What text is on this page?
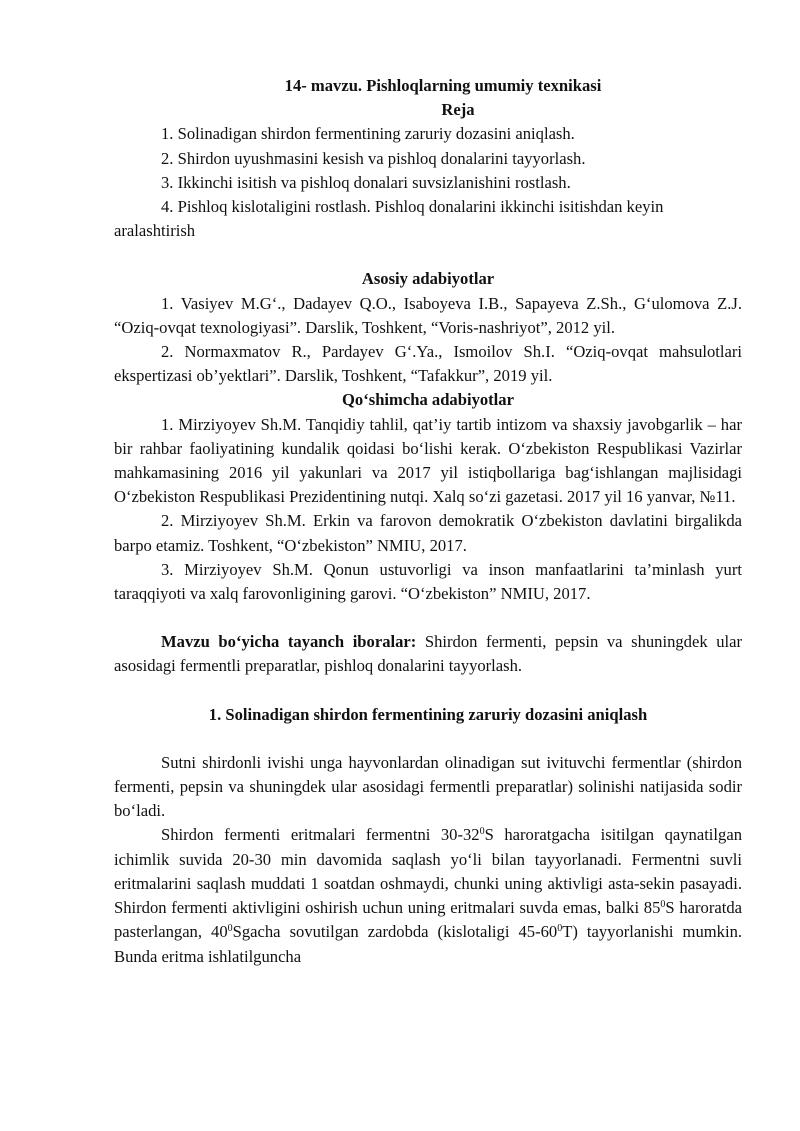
14- mavzu. Pishloqlarning umumiy texnikasi

Reja

1. Solinadigan shirdon fermentining zaruriy dozasini aniqlash.

2. Shirdon uyushmasini kesish va pishloq donalarini tayyorlash.

3. Ikkinchi isitish va pishloq donalari suvsizlanishini rostlash.

4. Pishloq kislotaligini rostlash. Pishloq donalarini ikkinchi isitishdan keyin aralashtirish

Asosiy adabiyotlar

1. Vasiyev M.G‘., Dadayev Q.O., Isaboyeva I.B., Sapayeva Z.Sh., G‘ulomova Z.J. “Oziq-ovqat texnologiyasi”. Darslik, Toshkent, “Voris-nashriyot”, 2012 yil.

2. Normaxmatov R., Pardayev G‘.Ya., Ismoilov Sh.I. “Oziq-ovqat mahsulotlari ekspertizasi ob’yektlari”. Darslik, Toshkent, “Tafakkur”, 2019 yil.

Qo‘shimcha adabiyotlar

1. Mirziyoyev Sh.M. Tanqidiy tahlil, qat’iy tartib intizom va shaxsiy javobgarlik – har bir rahbar faoliyatining kundalik qoidasi bo‘lishi kerak. O‘zbekiston Respublikasi Vazirlar mahkamasining 2016 yil yakunlari va 2017 yil istiqbollariga bag‘ishlangan majlisidagi O‘zbekiston Respublikasi Prezidentining nutqi. Xalq so‘zi gazetasi. 2017 yil 16 yanvar, №11.

2. Mirziyoyev Sh.M. Erkin va farovon demokratik O‘zbekiston davlatini birgalikda barpo etamiz. Toshkent, “O‘zbekiston” NMIU, 2017.

3. Mirziyoyev Sh.M. Qonun ustuvorligi va inson manfaatlarini ta’minlash yurt taraqqiyoti va xalq farovonligining garovi. “O‘zbekiston” NMIU, 2017.

Mavzu bo‘yicha tayanch iboralar: Shirdon fermenti, pepsin va shuningdek ular asosidagi fermentli preparatlar, pishloq donalarini tayyorlash.

1. Solinadigan shirdon fermentining zaruriy dozasini aniqlash

Sutni shirdonli ivishi unga hayvonlardan olinadigan sut ivituvchi fermentlar (shirdon fermenti, pepsin va shuningdek ular asosidagi fermentli preparatlar) solinishi natijasida sodir bo‘ladi.

Shirdon fermenti eritmalari fermentni $30-32^0S$ haroratgacha isitilgan qaynatilgan ichimlik suvida 20-30 min davomida saqlash yo‘li bilan tayyorlanadi. Fermentni suvli eritmalarini saqlash muddati 1 soatdan oshmaydi, chunki uning aktivligi asta-sekin pasayadi. Shirdon fermenti aktivligini oshirish uchun uning eritmalari suvda emas, balki $85^0S$ haroratda pasterlangan, $40^0Sgacha$ sovutilgan zardobda (kislotaligi $45-60^0T$) tayyorlanishi mumkin. Bunda eritma ishlatilguncha
